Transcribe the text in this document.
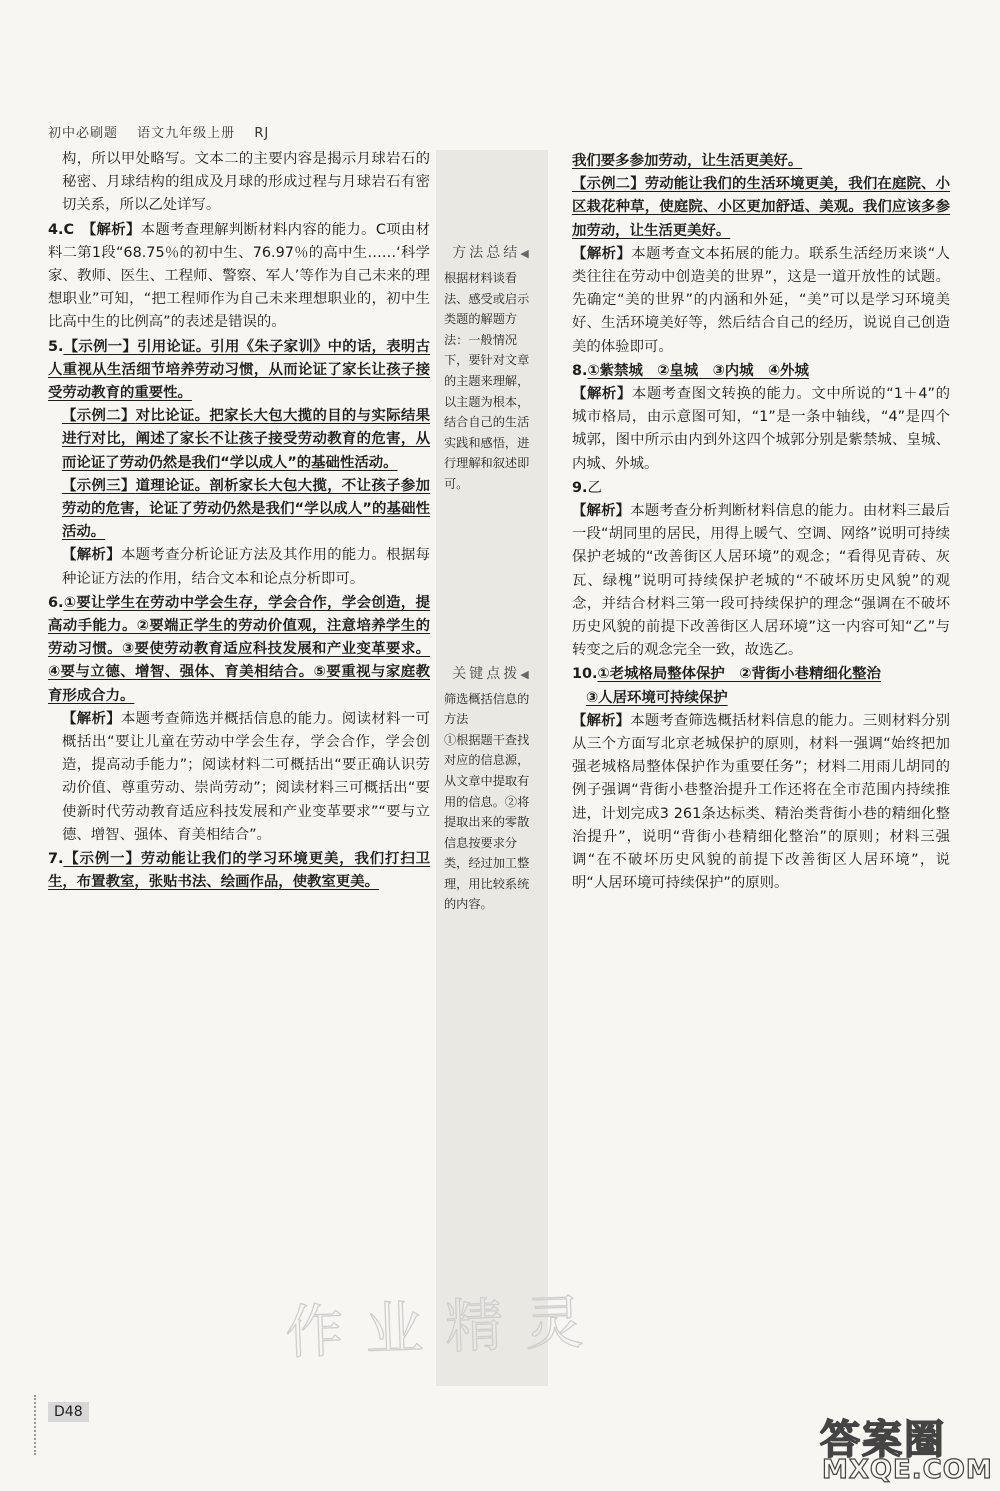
初中必刷题 语文九年级上册 RJ

构，所以甲处略写。文本二的主要内容是揭示月球岩石的秘密、月球结构的组成及月球的形成过程与月球岩石有密切关系，所以乙处详写。

4.C　 【解析】本题考查理解判断材料内容的能力。C项由材料二第1段“68.75％的初中生、76.97％的高中生……‘科学家、教师、医生、工程师、警察、军人’等作为自己未来的理想职业”可知，“把工程师作为自己未来理想职业的，初中生比高中生的比例高”的表述是错误的。

5.【示例一】引用论证。引用《朱子家训》中的话，表明古人重视从生活细节培养劳动习惯，从而论证了家长让孩子接受劳动教育的重要性。

【示例二】对比论证。把家长大包大揽的目的与实际结果进行对比，阐述了家长不让孩子接受劳动教育的危害，从而论证了劳动仍然是我们“学以成人”的基础性活动。

【示例三】道理论证。剖析家长大包大揽，不让孩子参加劳动的危害，论证了劳动仍然是我们“学以成人”的基础性活动。

【解析】本题考查分析论证方法及其作用的能力。根据每种论证方法的作用，结合文本和论点分析即可。

6.①要让学生在劳动中学会生存，学会合作，学会创造，提高动手能力。②要端正学生的劳动价值观，注意培养学生的劳动习惯。③要使劳动教育适应科技发展和产业变革要求。④要与立德、增智、强体、育美相结合。⑤要重视与家庭教育形成合力。

【解析】本题考查筛选并概括信息的能力。阅读材料一可概括出“要让儿童在劳动中学会生存，学会合作，学会创造，提高动手能力”；阅读材料二可概括出“要正确认识劳动价值、尊重劳动、崇尚劳动”；阅读材料三可概括出“要使新时代劳动教育适应科技发展和产业变革要求”“要与立德、增智、强体、育美相结合”。

7.【示例一】劳动能让我们的学习环境更美，我们打扫卫生，布置教室，张贴书法、绘画作品，使教室更美。

方法总结◀
根据材料谈看法、感受或启示类题的解题方法：一般情况下，要针对文章的主题来理解，以主题为根本，结合自己的生活实践和感悟，进行理解和叙述即可。
关键点拨◀
筛选概括信息的方法
①根据题干查找对应的信息源，从文章中提取有用的信息。②将提取出来的零散信息按要求分类，经过加工整理，用比较系统的内容。

我们要多参加劳动，让生活更美好。

【示例二】劳动能让我们的生活环境更美，我们在庭院、小区栽花种草，使庭院、小区更加舒适、美观。我们应该多参加劳动，让生活更美好。

【解析】本题考查文本拓展的能力。联系生活经历来谈“人类往往在劳动中创造美的世界”，这是一道开放性的试题。先确定“美的世界”的内涵和外延，“美”可以是学习环境美好、生活环境美好等，然后结合自己的经历，说说自己创造美的体验即可。

8.①紫禁城　②皇城　③内城　④外城

【解析】本题考查图文转换的能力。文中所说的“1＋4”的城市格局，由示意图可知，“1”是一条中轴线，“4”是四个城郭，图中所示由内到外这四个城郭分别是紫禁城、皇城、内城、外城。

9.乙

【解析】本题考查分析判断材料信息的能力。由材料三最后一段“胡同里的居民，用得上暖气、空调、网络”说明可持续保护老城的“改善街区人居环境”的观念；“看得见青砖、灰瓦、绿槐”说明可持续保护老城的“不破坏历史风貌”的观念，并结合材料三第一段可持续保护的理念“强调在不破坏历史风貌的前提下改善街区人居环境”这一内容可知“乙”与转变之后的观念完全一致，故选乙。

10.①老城格局整体保护　②背街小巷精细化整治

③人居环境可持续保护

【解析】本题考查筛选概括材料信息的能力。三则材料分别从三个方面写北京老城保护的原则，材料一强调“始终把加强老城格局整体保护作为重要任务”；材料二用雨儿胡同的例子强调“背街小巷整治提升工作还将在全市范围内持续推进，计划完成3 261条达标类、精治类背街小巷的精细化整治提升”，说明“背街小巷精细化整治”的原则；材料三强调“在不破坏历史风貌的前提下改善街区人居环境”，说明“人居环境可持续保护”的原则。

作业精灵
D48
答案圈
MXQE.COM
